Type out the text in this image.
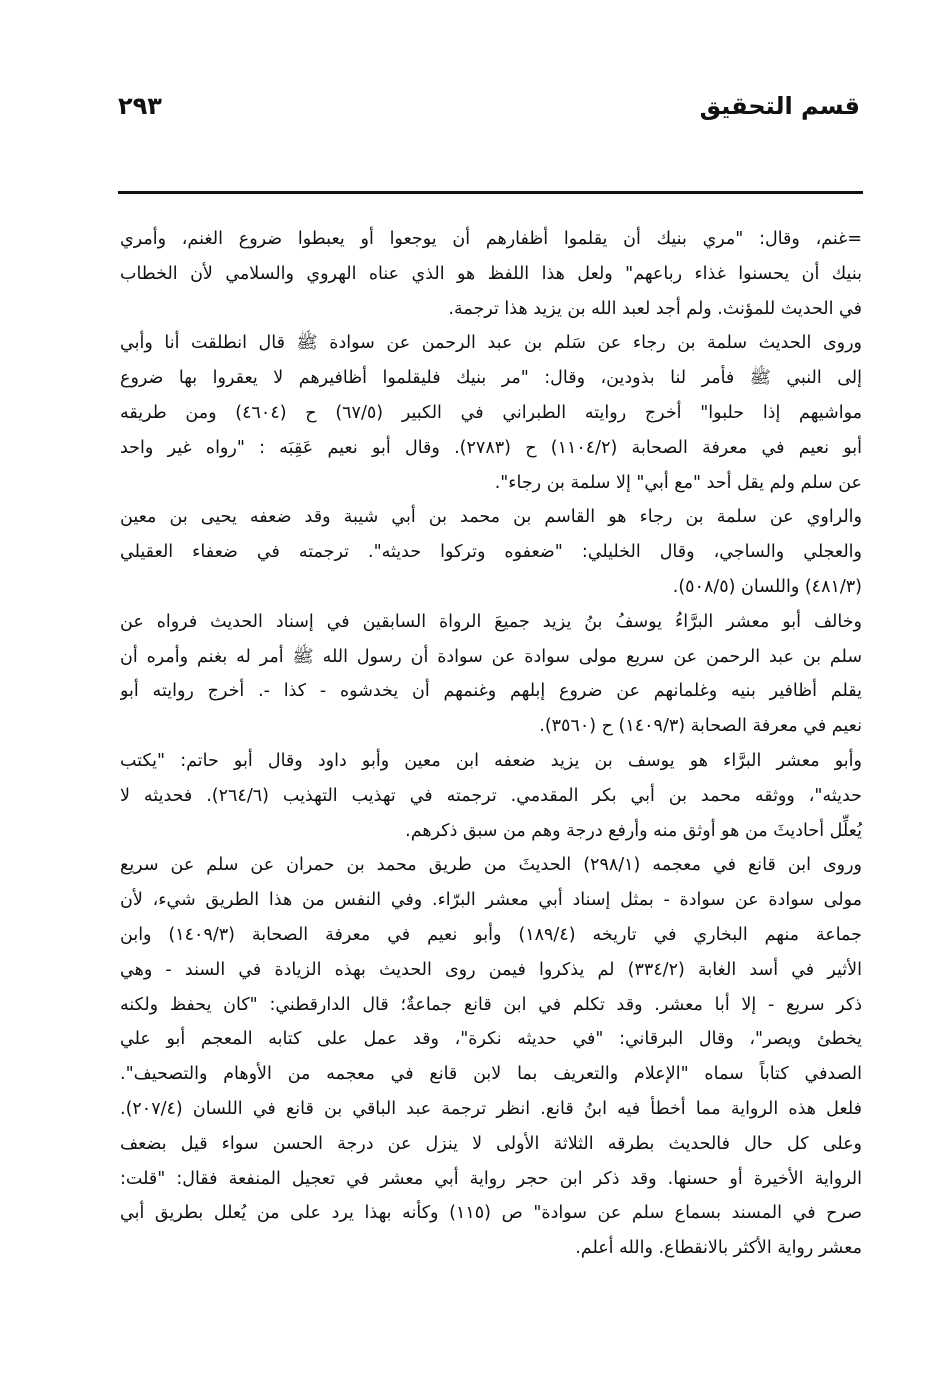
قسم التحقيق
٢٩٣
=غنم، وقال: "مري بنيك أن يقلموا أظفارهم أن يوجعوا أو يعبطوا ضروع الغنم، وأمري
بنيك أن يحسنوا غذاء رباعهم" ولعل هذا اللفظ هو الذي عناه الهروي والسلامي لأن الخطاب
في الحديث للمؤنث. ولم أجد لعبد الله بن يزيد هذا ترجمة.
وروى الحديث سلمة بن رجاء عن سَلم بن عبد الرحمن عن سوادة ﷺ قال انطلقت أنا وأبي
إلى النبي ﷺ فأمر لنا بذودين، وقال: "مر بنيك فليقلموا أظافيرهم لا يعقروا بها ضروع
مواشيهم إذا حلبوا" أخرج روايته الطبراني في الكبير (٦٧/٥) ح (٤٦٠٤) ومن طريقه
أبو نعيم في معرفة الصحابة (١١٠٤/٢) ح (٢٧٨٣). وقال أبو نعيم عَقِبَه : "رواه غير واحد
عن سلم ولم يقل أحد "مع أبي" إلا سلمة بن رجاء".
والراوي عن سلمة بن رجاء هو القاسم بن محمد بن أبي شيبة وقد ضعفه يحيى بن معين
والعجلي والساجي، وقال الخليلي: "ضعفوه وتركوا حديثه". ترجمته في ضعفاء العقيلي
(٤٨١/٣) واللسان (٥٠٨/٥).
وخالف أبو معشر البرَّاءُ يوسفُ بنُ يزيد جميعَ الرواة السابقين في إسناد الحديث فرواه عن
سلم بن عبد الرحمن عن سريع مولى سوادة عن سوادة أن رسول الله ﷺ أمر له بغنم وأمره أن
يقلم أظافير بنيه وغلمانهم عن ضروع إبلهم وغنمهم أن يخدشوه - كذا -. أخرج روايته أبو
نعيم في معرفة الصحابة (١٤٠٩/٣) ح (٣٥٦٠).
وأبو معشر البرَّاء هو يوسف بن يزيد ضعفه ابن معين وأبو داود وقال أبو حاتم: "يكتب
حديثه"، ووثقه محمد بن أبي بكر المقدمي. ترجمته في تهذيب التهذيب (٢٦٤/٦). فحديثه لا
يُعلِّل أحاديثَ من هو أوثق منه وأرفع درجة وهم من سبق ذكرهم.
وروى ابن قانع في معجمه (٢٩٨/١) الحديثَ من طريق محمد بن حمران عن سلم عن سريع
مولى سوادة عن سوادة - بمثل إسناد أبي معشر البرّاء. وفي النفس من هذا الطريق شيء، لأن
جماعة منهم البخاري في تاريخه (١٨٩/٤) وأبو نعيم في معرفة الصحابة (١٤٠٩/٣) وابن
الأثير في أسد الغابة (٣٣٤/٢) لم يذكروا فيمن روى الحديث بهذه الزيادة في السند - وهي
ذكر سريع - إلا أبا معشر. وقد تكلم في ابن قانع جماعةٌ؛ قال الدارقطني: "كان يحفظ ولكنه
يخطئ ويصر"، وقال البرقاني: "في حديثه نكرة"، وقد عمل على كتابه المعجم أبو علي
الصدفي كتاباً سماه "الإعلام والتعريف بما لابن قانع في معجمه من الأوهام والتصحيف".
فلعل هذه الرواية مما أخطأ فيه ابنُ قانع. انظر ترجمة عبد الباقي بن قانع في اللسان (٢٠٧/٤).
وعلى كل حال فالحديث بطرقه الثلاثة الأولى لا ينزل عن درجة الحسن سواء قيل بضعف
الرواية الأخيرة أو حسنها. وقد ذكر ابن حجر رواية أبي معشر في تعجيل المنفعة فقال: "قلت:
صرح في المسند بسماع سلم عن سوادة" ص (١١٥) وكأنه بهذا يرد على من يُعلل بطريق أبي
معشر رواية الأكثر بالانقطاع. والله أعلم.
